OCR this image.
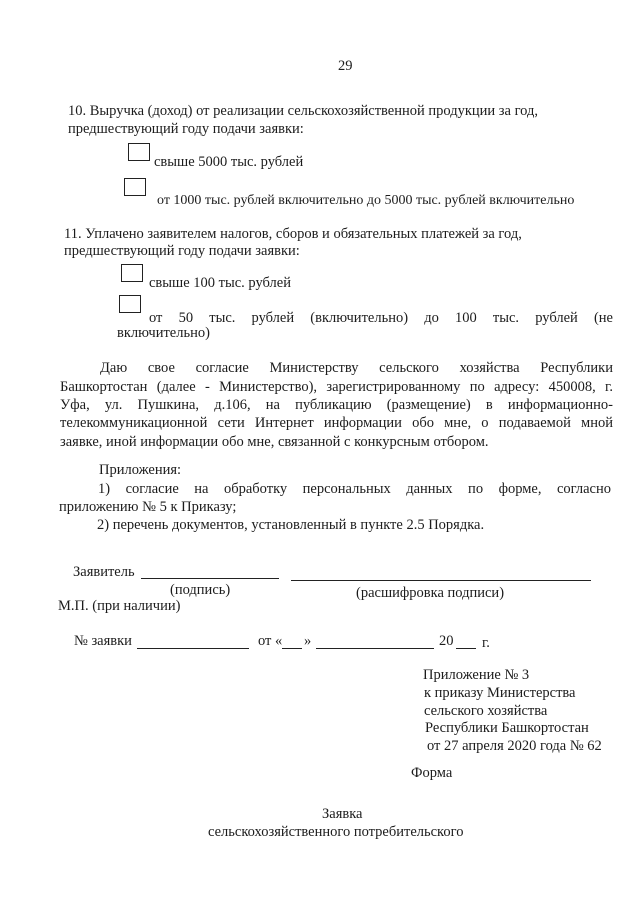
29
10. Выручка (доход) от реализации сельскохозяйственной продукции за год,
предшествующий году подачи заявки:
свыше 5000 тыс. рублей
от 1000 тыс. рублей включительно до 5000 тыс. рублей включительно
11. Уплачено заявителем налогов, сборов и обязательных платежей за год,
предшествующий году подачи заявки:
свыше 100 тыс. рублей
от 50 тыс. рублей (включительно) до 100 тыс. рублей (не
включительно)
Даю свое согласие Министерству сельского хозяйства Республики
Башкортостан (далее - Министерство), зарегистрированному по адресу: 450008, г.
Уфа, ул. Пушкина, д.106, на публикацию (размещение) в информационно-
телекоммуникационной сети Интернет информации обо мне, о подаваемой мной
заявке, иной информации обо мне, связанной с конкурсным отбором.
Приложения:
1) согласие на обработку персональных данных по форме, согласно
приложению № 5 к Приказу;
2) перечень документов, установленный в пункте 2.5 Порядка.
Заявитель
(подпись)	(расшифровка подписи)
М.П. (при наличии)
№ заявки	от « »	20 г.
Приложение № 3
к приказу Министерства
сельского хозяйства
Республики Башкортостан
от 27 апреля 2020 года № 62
Форма
Заявка
сельскохозяйственного потребительского
